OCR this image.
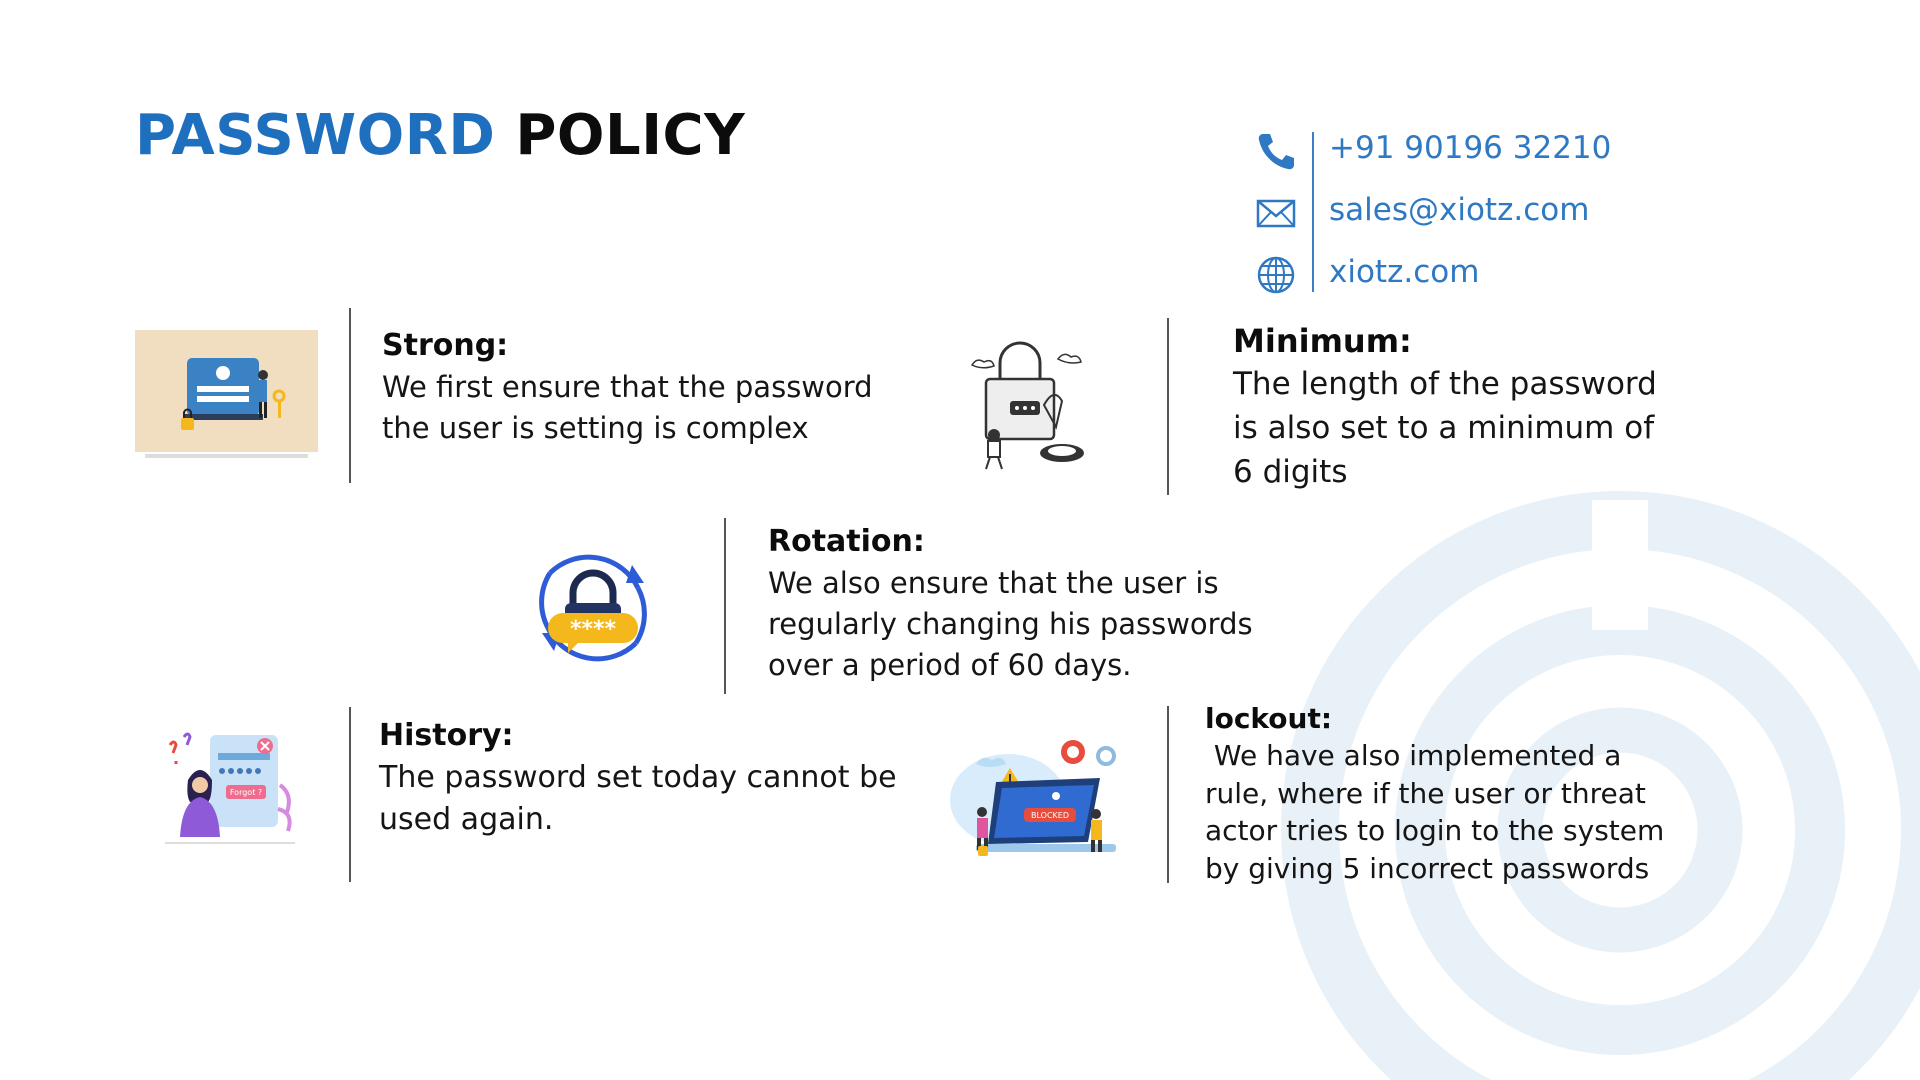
PASSWORD POLICY	+91 90196 32210
sales@xiotz.com
xiotz.com
Strong:
We first ensure that the password the user is setting is complex
Minimum:
The length of the password is also set to a minimum of 6 digits
****
Rotation:
We also ensure that the user is regularly changing his passwords over a period of 60 days.
Forgot ?
History:
The password set today cannot be used again.	BLOCKED
lockout:
We have also implemented a rule, where if the user or threat actor tries to login to the system by giving 5 incorrect passwords
